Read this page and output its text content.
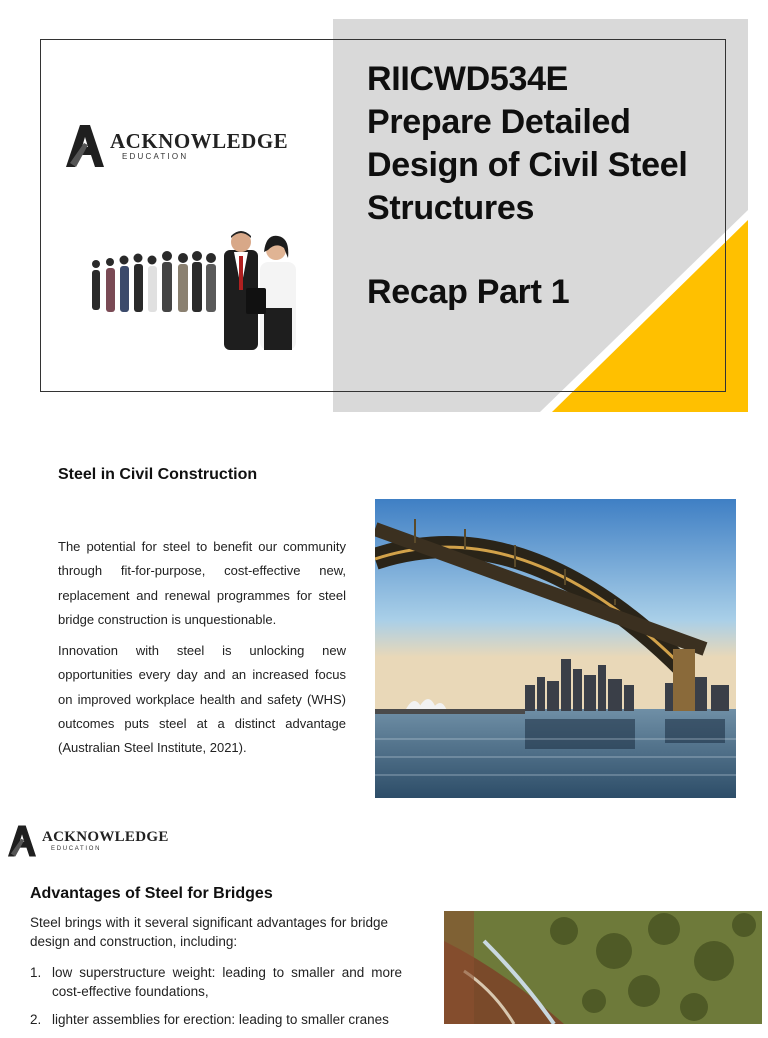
RIICWD534E
Prepare Detailed
Design of Civil Steel
Structures
Recap Part 1
ACKNOWLEDGE
EDUCATION
Steel in Civil Construction

The potential for steel to benefit our community through fit-for-purpose, cost-effective new, replacement and renewal programmes for steel bridge construction is unquestionable.

Innovation with steel is unlocking new opportunities every day and an increased focus on improved workplace health and safety (WHS) outcomes puts steel at a distinct advantage (Australian Steel Institute, 2021).

ACKNOWLEDGE
EDUCATION
Advantages of Steel for Bridges
Steel brings with it several significant advantages for bridge design and construction, including:
1. low superstructure weight: leading to smaller and more cost-effective foundations,
2. lighter assemblies for erection: leading to smaller cranes
